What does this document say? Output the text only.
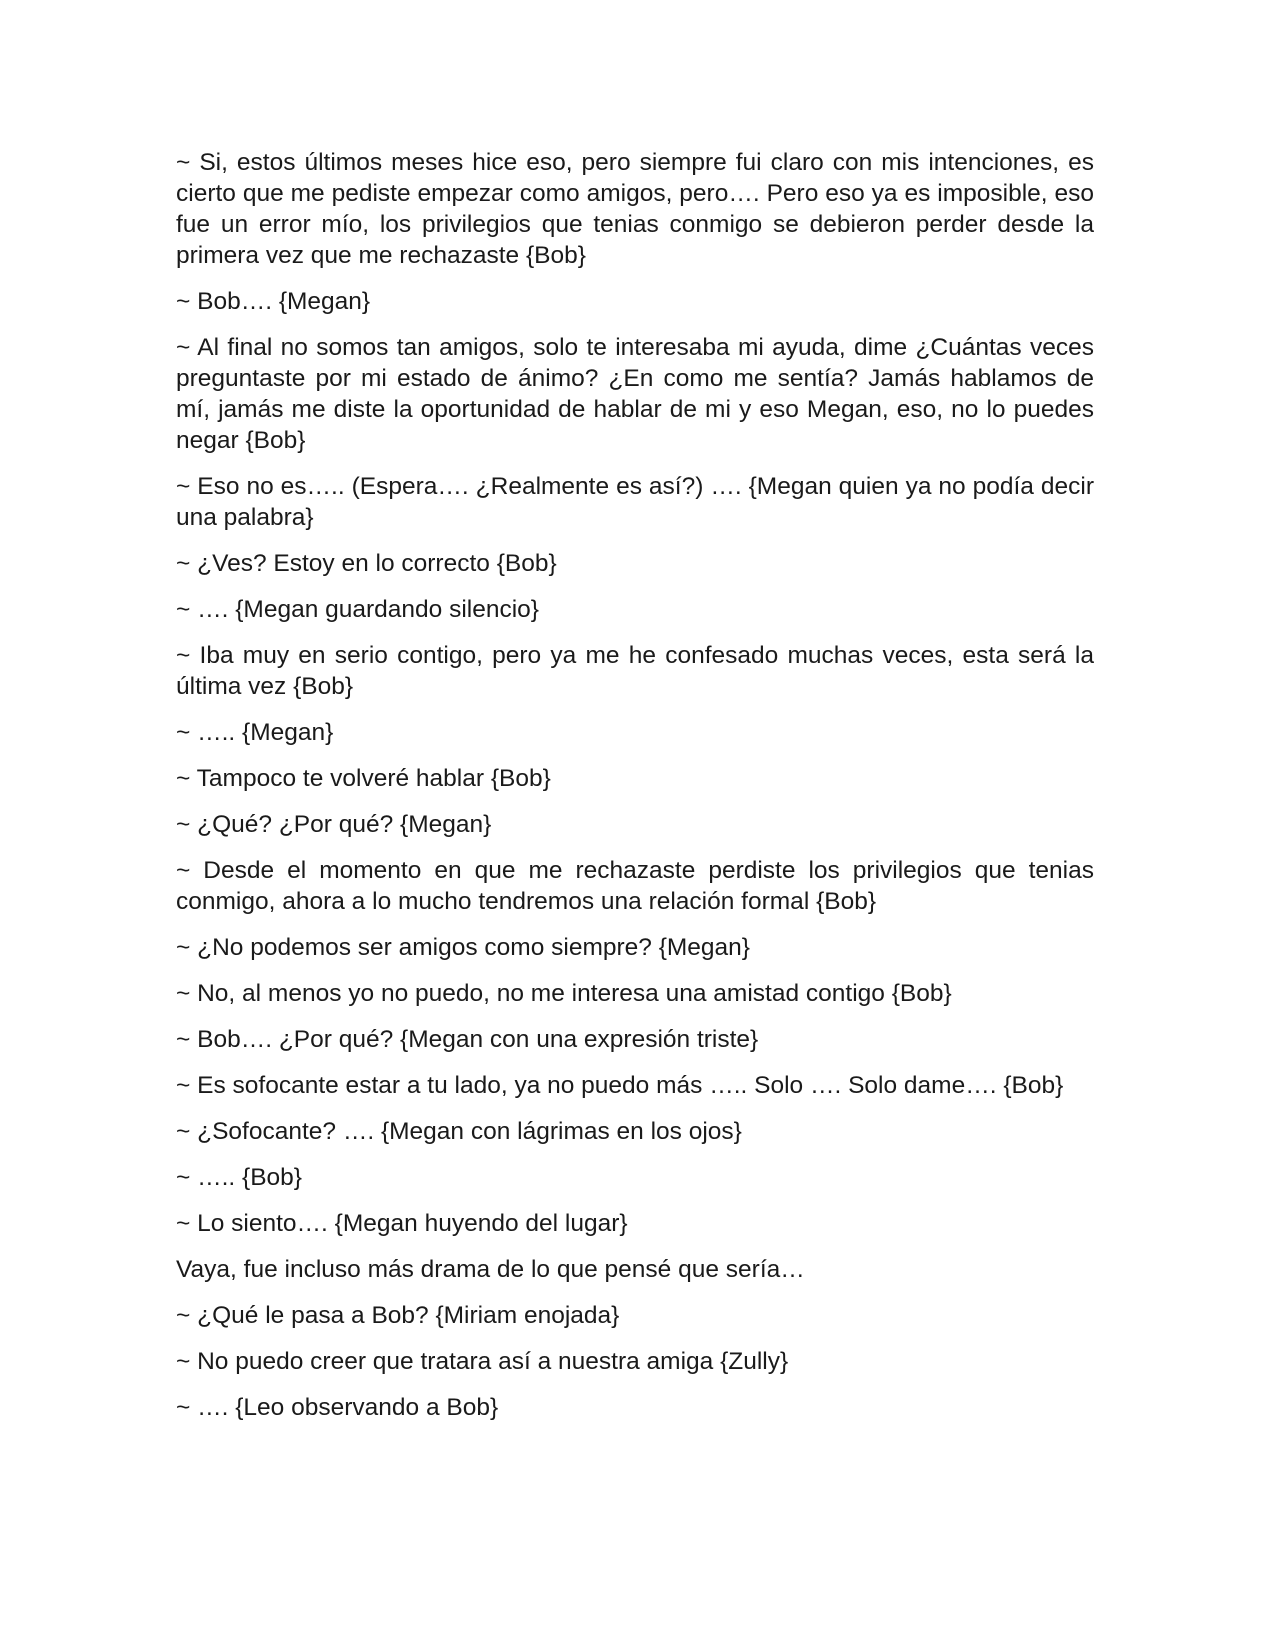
~ Si, estos últimos meses hice eso, pero siempre fui claro con mis intenciones, es cierto que me pediste empezar como amigos, pero…. Pero eso ya es imposible, eso fue un error mío, los privilegios que tenias conmigo se debieron perder desde la primera vez que me rechazaste {Bob}

~ Bob…. {Megan}

~ Al final no somos tan amigos, solo te interesaba mi ayuda, dime ¿Cuántas veces preguntaste por mi estado de ánimo? ¿En como me sentía? Jamás hablamos de mí, jamás me diste la oportunidad de hablar de mi y eso Megan, eso, no lo puedes negar {Bob}

~ Eso no es….. (Espera…. ¿Realmente es así?) …. {Megan quien ya no podía decir una palabra}

~ ¿Ves? Estoy en lo correcto {Bob}

~ …. {Megan guardando silencio}

~ Iba muy en serio contigo, pero ya me he confesado muchas veces, esta será la última vez {Bob}

~ ….. {Megan}

~ Tampoco te volveré hablar {Bob}

~ ¿Qué? ¿Por qué? {Megan}

~ Desde el momento en que me rechazaste perdiste los privilegios que tenias conmigo, ahora a lo mucho tendremos una relación formal {Bob}

~ ¿No podemos ser amigos como siempre? {Megan}

~ No, al menos yo no puedo, no me interesa una amistad contigo {Bob}

~ Bob…. ¿Por qué? {Megan con una expresión triste}

~ Es sofocante estar a tu lado, ya no puedo más ….. Solo …. Solo dame…. {Bob}

~ ¿Sofocante? …. {Megan con lágrimas en los ojos}

~ ….. {Bob}

~ Lo siento…. {Megan huyendo del lugar}

Vaya, fue incluso más drama de lo que pensé que sería…

~ ¿Qué le pasa a Bob? {Miriam enojada}

~ No puedo creer que tratara así a nuestra amiga {Zully}

~ …. {Leo observando a Bob}
